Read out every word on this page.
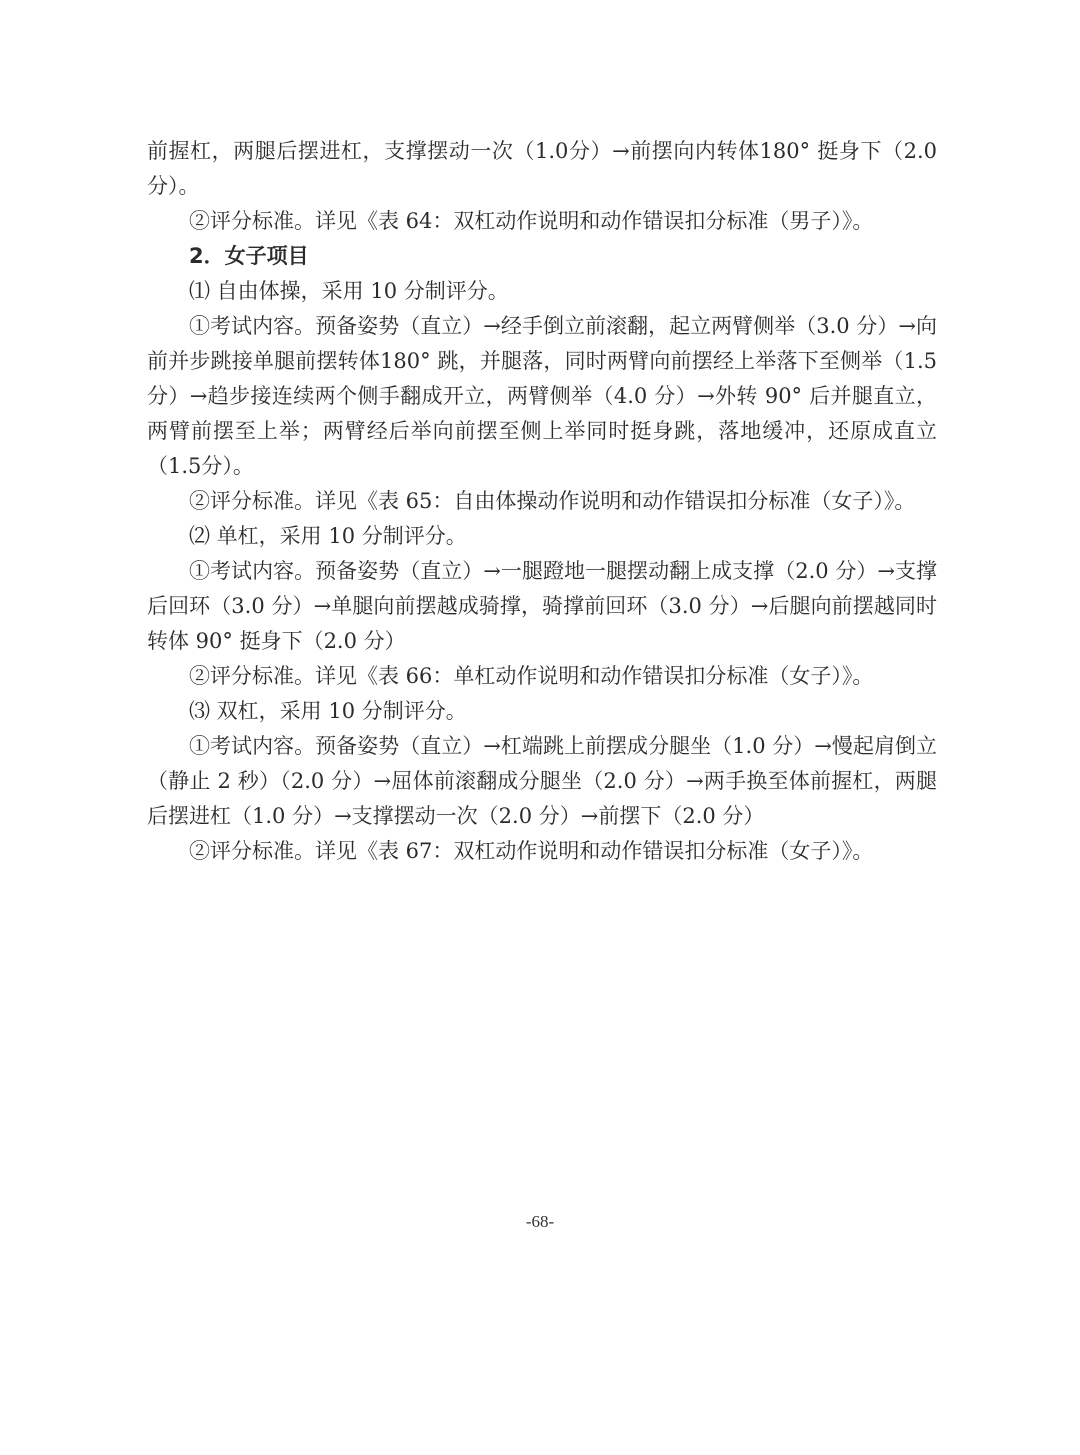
前握杠，两腿后摆进杠，支撑摆动一次（1.0分）→前摆向内转体180° 挺身下（2.0分）。

②评分标准。详见《表 64：双杠动作说明和动作错误扣分标准（男子）》。

2．女子项目

⑴ 自由体操，采用 10 分制评分。

①考试内容。预备姿势（直立）→经手倒立前滚翻，起立两臂侧举（3.0 分）→向前并步跳接单腿前摆转体180° 跳，并腿落，同时两臂向前摆经上举落下至侧举（1.5分）→趋步接连续两个侧手翻成开立，两臂侧举（4.0 分）→外转 90° 后并腿直立，两臂前摆至上举；两臂经后举向前摆至侧上举同时挺身跳，落地缓冲，还原成直立（1.5分）。

②评分标准。详见《表 65：自由体操动作说明和动作错误扣分标准（女子）》。

⑵ 单杠，采用 10 分制评分。

①考试内容。预备姿势（直立）→一腿蹬地一腿摆动翻上成支撑（2.0 分）→支撑后回环（3.0 分）→单腿向前摆越成骑撑，骑撑前回环（3.0 分）→后腿向前摆越同时转体 90° 挺身下（2.0 分）

②评分标准。详见《表 66：单杠动作说明和动作错误扣分标准（女子）》。

⑶ 双杠，采用 10 分制评分。

①考试内容。预备姿势（直立）→杠端跳上前摆成分腿坐（1.0 分）→慢起肩倒立（静止 2 秒）（2.0 分）→屈体前滚翻成分腿坐（2.0 分）→两手换至体前握杠，两腿后摆进杠（1.0 分）→支撑摆动一次（2.0 分）→前摆下（2.0 分）

②评分标准。详见《表 67：双杠动作说明和动作错误扣分标准（女子）》。

-68-
